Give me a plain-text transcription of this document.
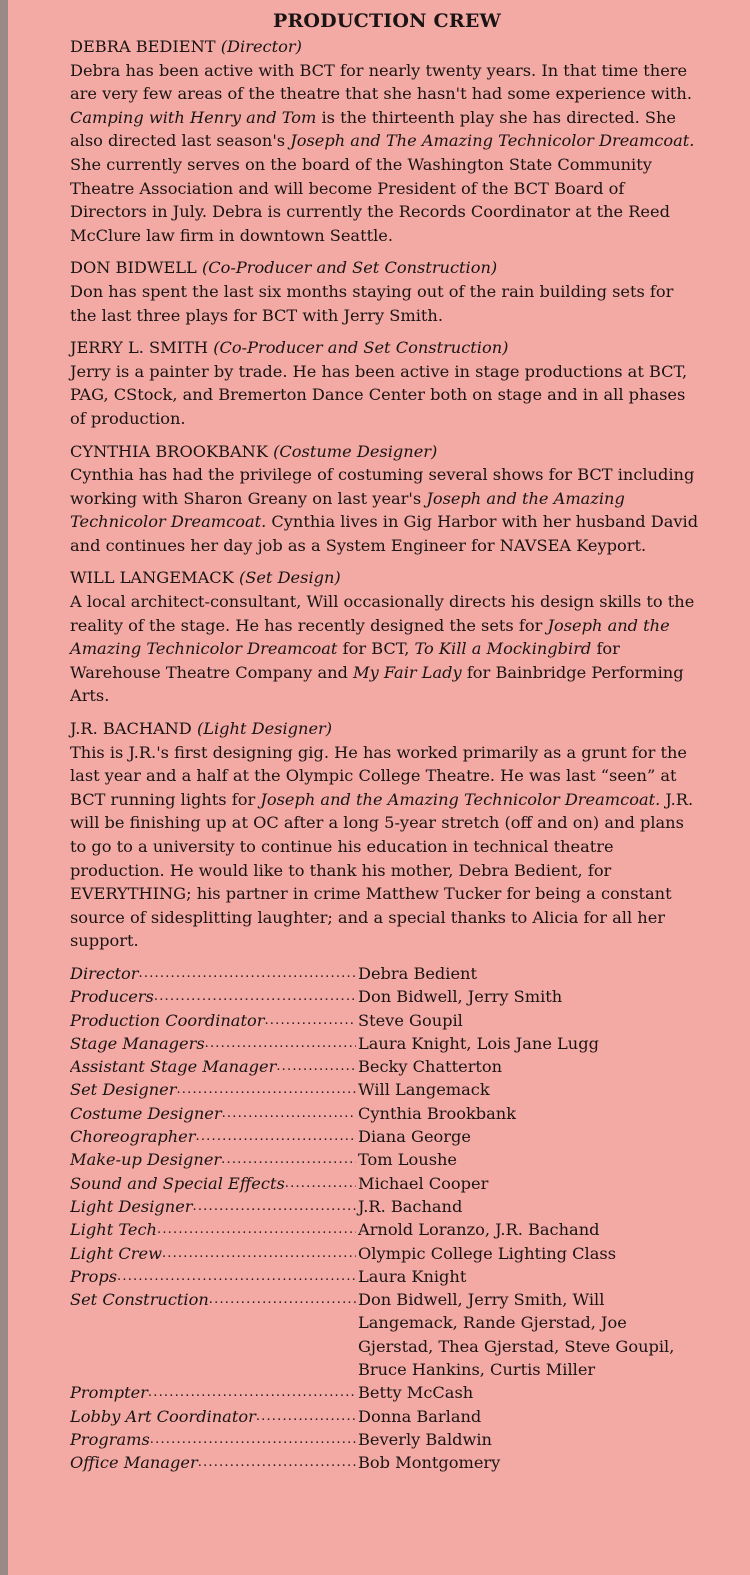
PRODUCTION CREW
DEBRA BEDIENT (Director)

Debra has been active with BCT for nearly twenty years. In that time there are very few areas of the theatre that she hasn't had some experience with. Camping with Henry and Tom is the thirteenth play she has directed. She also directed last season's Joseph and The Amazing Technicolor Dreamcoat. She currently serves on the board of the Washington State Community Theatre Association and will become President of the BCT Board of Directors in July. Debra is currently the Records Coordinator at the Reed McClure law firm in downtown Seattle.

DON BIDWELL (Co-Producer and Set Construction)

Don has spent the last six months staying out of the rain building sets for the last three plays for BCT with Jerry Smith.

JERRY L. SMITH (Co-Producer and Set Construction)

Jerry is a painter by trade. He has been active in stage productions at BCT, PAG, CStock, and Bremerton Dance Center both on stage and in all phases of production.

CYNTHIA BROOKBANK (Costume Designer)

Cynthia has had the privilege of costuming several shows for BCT including working with Sharon Greany on last year's Joseph and the Amazing Technicolor Dreamcoat. Cynthia lives in Gig Harbor with her husband David and continues her day job as a System Engineer for NAVSEA Keyport.

WILL LANGEMACK (Set Design)

A local architect-consultant, Will occasionally directs his design skills to the reality of the stage. He has recently designed the sets for Joseph and the Amazing Technicolor Dreamcoat for BCT, To Kill a Mockingbird for Warehouse Theatre Company and My Fair Lady for Bainbridge Performing Arts.

J.R. BACHAND (Light Designer)

This is J.R.'s first designing gig. He has worked primarily as a grunt for the last year and a half at the Olympic College Theatre. He was last “seen” at BCT running lights for Joseph and the Amazing Technicolor Dreamcoat. J.R. will be finishing up at OC after a long 5-year stretch (off and on) and plans to go to a university to continue his education in technical theatre production. He would like to thank his mother, Debra Bedient, for EVERYTHING; his partner in crime Matthew Tucker for being a constant source of sidesplitting laughter; and a special thanks to Alicia for all her support.

Director .....	Debra Bedient
Producers .....	Don Bidwell, Jerry Smith
Production Coordinator .....	Steve Goupil
Stage Managers .....	Laura Knight, Lois Jane Lugg
Assistant Stage Manager .....	Becky Chatterton
Set Designer .....	Will Langemack
Costume Designer .....	Cynthia Brookbank
Choreographer .....	Diana George
Make-up Designer .....	Tom Loushe
Sound and Special Effects .....	Michael Cooper
Light Designer .....	J.R. Bachand
Light Tech .....	Arnold Loranzo, J.R. Bachand
Light Crew .....	Olympic College Lighting Class
Props .....	Laura Knight
Set Construction .....	Don Bidwell, Jerry Smith, Will Langemack, Rande Gjerstad, Joe Gjerstad, Thea Gjerstad, Steve Goupil, Bruce Hankins, Curtis Miller
Prompter .....	Betty McCash
Lobby Art Coordinator .....	Donna Barland
Programs .....	Beverly Baldwin
Office Manager .....	Bob Montgomery
